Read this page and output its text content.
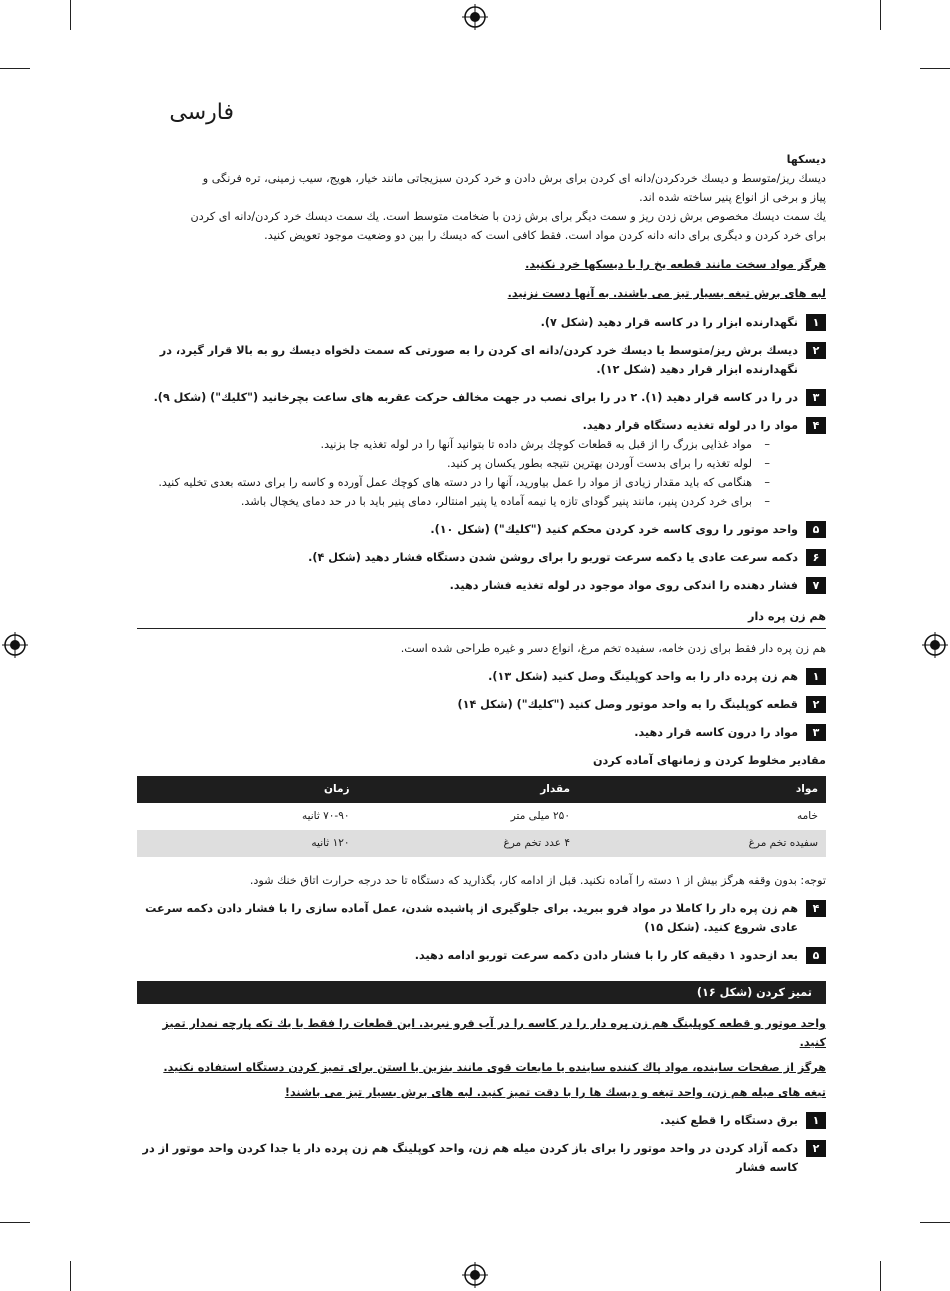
فارسی
دیسکها
دیسك ریز/متوسط و دیسك خردكردن/دانه ای كردن برای برش دادن و خرد كردن سبزیجاتی مانند خیار، هویج، سیب زمینی، تره فرنگی و
پیاز و برخی از انواع پنیر ساخته شده اند.
یك سمت دیسك مخصوص برش زدن ریز و سمت دیگر برای برش زدن با ضخامت متوسط است. یك سمت دیسك خرد كردن/دانه ای كردن
برای خرد كردن و دیگری برای دانه دانه كردن مواد است. فقط كافی است كه دیسك را بین دو وضعیت موجود تعویض كنید.
هرگز مواد سخت مانند قطعه یخ را با دیسكها خرد نكنید.
لبه های برش تیغه بسیار تیز می باشند. به آنها دست نزنید.
۱
نگهدارنده ابزار را در كاسه قرار دهید (شكل ۷).
۲
دیسك برش ریز/متوسط یا دیسك خرد كردن/دانه ای كردن را به صورتی كه سمت دلخواه دیسك رو به بالا قرار گیرد، در نگهدارنده ابزار قرار دهید (شكل ۱۲).
۳
در را در كاسه قرار دهید (۱). ۲ در را برای نصب در جهت مخالف حركت عقربه های ساعت بچرخانید ("كلیك") (شكل ۹).
۴
مواد را در لوله تغذیه دستگاه قرار دهید.
– مواد غذایی بزرگ را از قبل به قطعات كوچك برش داده تا بتوانید آنها را در لوله تغذیه جا بزنید.
– لوله تغذیه را برای بدست آوردن بهترین نتیجه بطور یكسان پر كنید.
– هنگامی كه باید مقدار زیادی از مواد را عمل بیاورید، آنها را در دسته های كوچك عمل آورده و كاسه را برای دسته بعدی تخلیه كنید.
– برای خرد كردن پنیر، مانند پنیر گودای تازه یا نیمه آماده یا پنیر امنتالر، دمای پنیر باید با در حد دمای یخچال باشد.
۵
واحد موتور را روی كاسه خرد كردن محكم كنید ("كلیك") (شكل ۱۰).
۶
دكمه سرعت عادی یا دكمه سرعت توربو را برای روشن شدن دستگاه فشار دهید (شكل ۴).
۷
فشار دهنده را اندكی روی مواد موجود در لوله تغذیه فشار دهید.
هم زن پره دار
هم زن پره دار فقط برای زدن خامه، سفیده تخم مرغ، انواع دسر و غیره طراحی شده است.
۱
هم زن پرده دار را به واحد كوپلینگ وصل كنید (شكل ۱۳).
۲
قطعه كوپلینگ را به واحد موتور وصل كنید ("كلیك") (شكل ۱۴)
۳
مواد را درون كاسه قرار دهید.
مقادیر مخلوط كردن و زمانهای آماده كردن
مواد	مقدار	زمان
خامه	۲۵۰ میلی متر	۷۰-۹۰ ثانیه
سفیده تخم مرغ	۴ عدد تخم مرغ	۱۲۰ ثانیه
توجه: بدون وقفه هرگز بیش از ۱ دسته را آماده نكنید. قبل از ادامه كار، بگذارید كه دستگاه تا حد درجه حرارت اتاق خنك شود.
۴
هم زن پره دار را كاملا در مواد فرو ببرید. برای جلوگیری از پاشیده شدن، عمل آماده سازی را با فشار دادن دكمه سرعت عادی شروع كنید. (شكل ۱۵)
۵
بعد ازحدود ۱ دقیقه كار را با فشار دادن دكمه سرعت توربو ادامه دهید.
تمیز كردن (شكل ۱۶)
واحد موتور و قطعه كوپلینگ هم زن پره دار را در كاسه را در آب فرو نبرید. این قطعات را فقط با یك تكه پارچه نمدار تمیز كنید.
هرگز از صفحات ساینده، مواد پاك كننده ساینده یا مایعات قوی مانند بنزین یا استن برای تمیز كردن دستگاه استفاده نكنید.
تیغه های میله هم زن، واحد تیغه و دیسك ها را با دقت تمیز كنید. لبه های برش بسیار تیز می باشند!
۱
برق دستگاه را قطع كنید.
۲
دكمه آزاد كردن در واحد موتور را برای باز كردن میله هم زن، واحد كوپلینگ هم زن پرده دار یا جدا كردن واحد موتور از در كاسه فشار
